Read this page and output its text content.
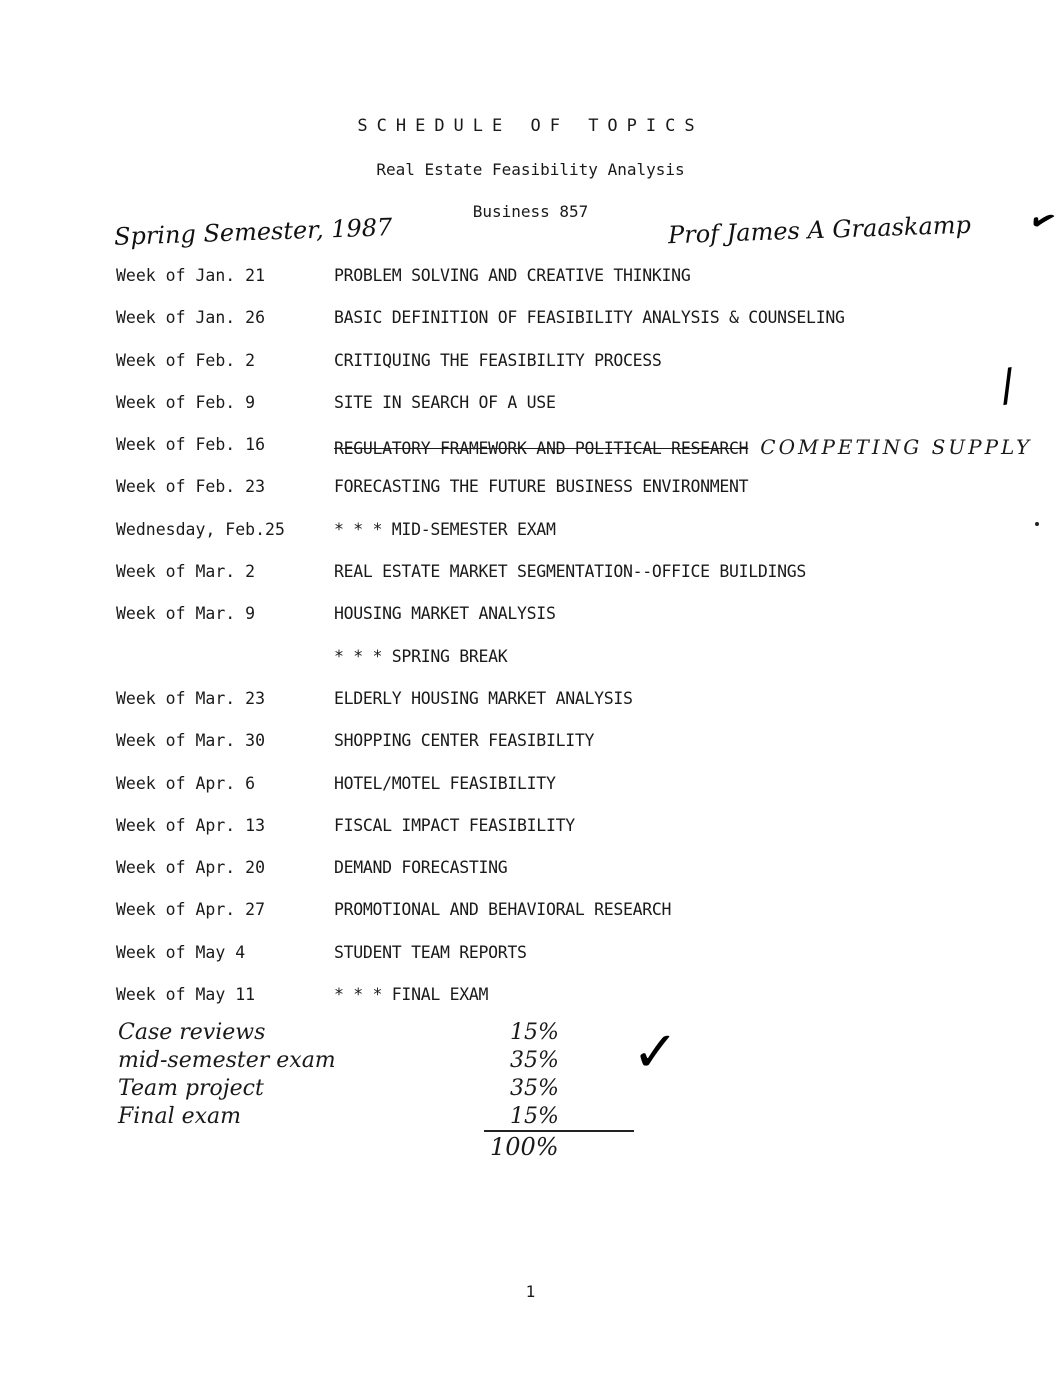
SCHEDULE OF TOPICS
Real Estate Feasibility Analysis
Business 857
Spring Semester, 1987	Prof James A Graaskamp ✔
/
Week of Jan. 21	PROBLEM SOLVING AND CREATIVE THINKING
Week of Jan. 26	BASIC DEFINITION OF FEASIBILITY ANALYSIS & COUNSELING
Week of Feb. 2	CRITIQUING THE FEASIBILITY PROCESS
Week of Feb. 9	SITE IN SEARCH OF A USE
Week of Feb. 16	REGULATORY FRAMEWORK AND POLITICAL RESEARCH COMPETING SUPPLY
Week of Feb. 23	FORECASTING THE FUTURE BUSINESS ENVIRONMENT
Wednesday, Feb.25	* * * MID-SEMESTER EXAM
Week of Mar. 2	REAL ESTATE MARKET SEGMENTATION--OFFICE BUILDINGS
Week of Mar. 9	HOUSING MARKET ANALYSIS
* * * SPRING BREAK
Week of Mar. 23	ELDERLY HOUSING MARKET ANALYSIS
Week of Mar. 30	SHOPPING CENTER FEASIBILITY
Week of Apr. 6	HOTEL/MOTEL FEASIBILITY
Week of Apr. 13	FISCAL IMPACT FEASIBILITY
Week of Apr. 20	DEMAND FORECASTING
Week of Apr. 27	PROMOTIONAL AND BEHAVIORAL RESEARCH
Week of May 4	STUDENT TEAM REPORTS
Week of May 11	* * * FINAL EXAM
Case reviews	15%
mid-semester exam	35%
Team project	35%
Final exam	15%
✓
100%
1
